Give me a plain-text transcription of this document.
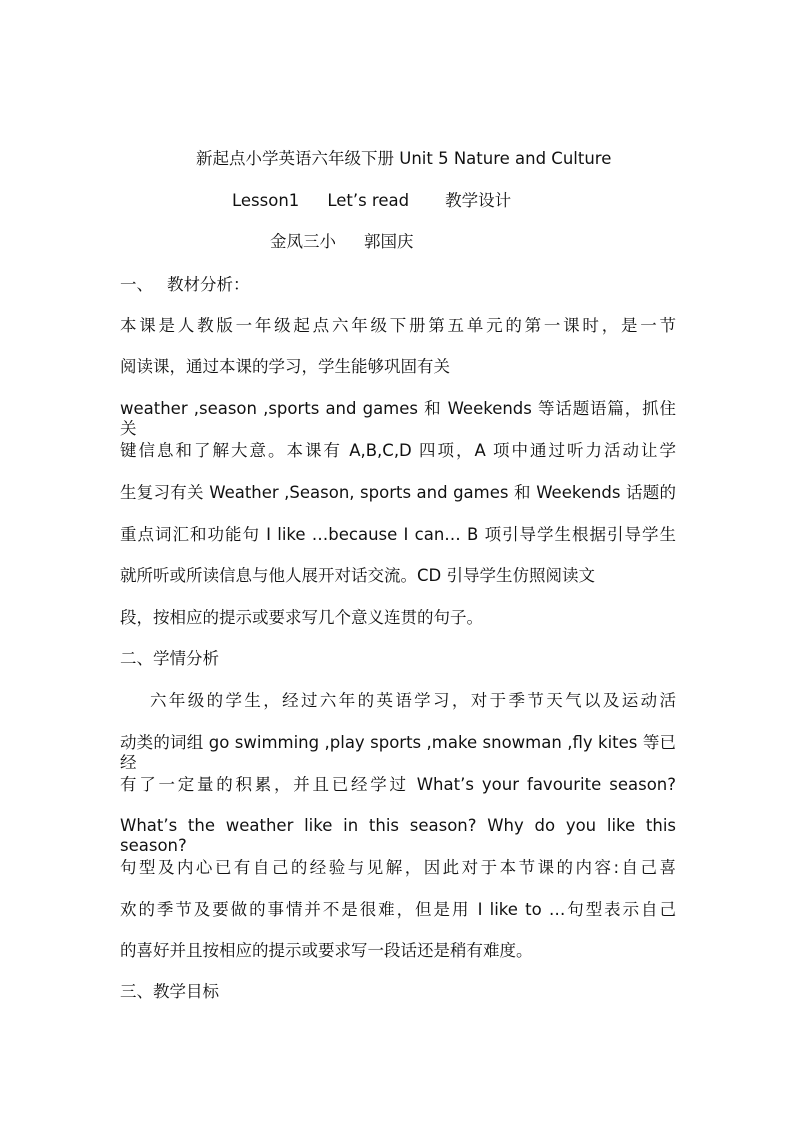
新起点小学英语六年级下册 Unit 5 Nature and Culture
Lesson1 Let’s read 教学设计
金凤三小 郭国庆
一、 教材分析：
本课是人教版一年级起点六年级下册第五单元的第一课时，是一节
阅读课，通过本课的学习，学生能够巩固有关
weather ,season ,sports and games 和 Weekends 等话题语篇，抓住关
键信息和了解大意。本课有 A,B,C,D 四项，A 项中通过听力活动让学
生复习有关 Weather ,Season, sports and games 和 Weekends 话题的
重点词汇和功能句 I like …because I can… B 项引导学生根据引导学生
就所听或所读信息与他人展开对话交流。CD 引导学生仿照阅读文
段，按相应的提示或要求写几个意义连贯的句子。
二、学情分析
六年级的学生，经过六年的英语学习，对于季节天气以及运动活
动类的词组 go swimming ,play sports ,make snowman ,fly kites 等已经
有了一定量的积累，并且已经学过 What’s your favourite season?
What’s the weather like in this season? Why do you like this season?
句型及内心已有自己的经验与见解，因此对于本节课的内容:自己喜
欢的季节及要做的事情并不是很难，但是用 I like to …句型表示自己
的喜好并且按相应的提示或要求写一段话还是稍有难度。
三、教学目标
